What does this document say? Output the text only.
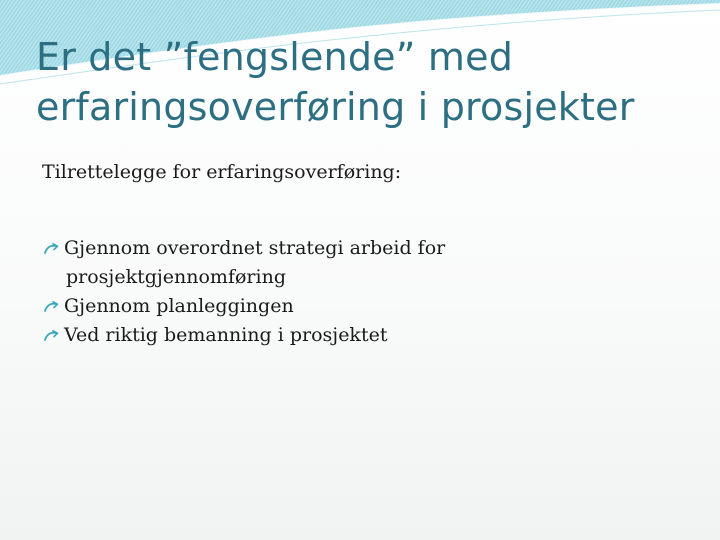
Er det ”fengslende” med
erfaringsoverføring i prosjekter

Tilrettelegge for erfaringsoverføring:

Gjennom overordnet strategi arbeid for
prosjektgjennomføring
Gjennom planleggingen
Ved riktig bemanning i prosjektet
